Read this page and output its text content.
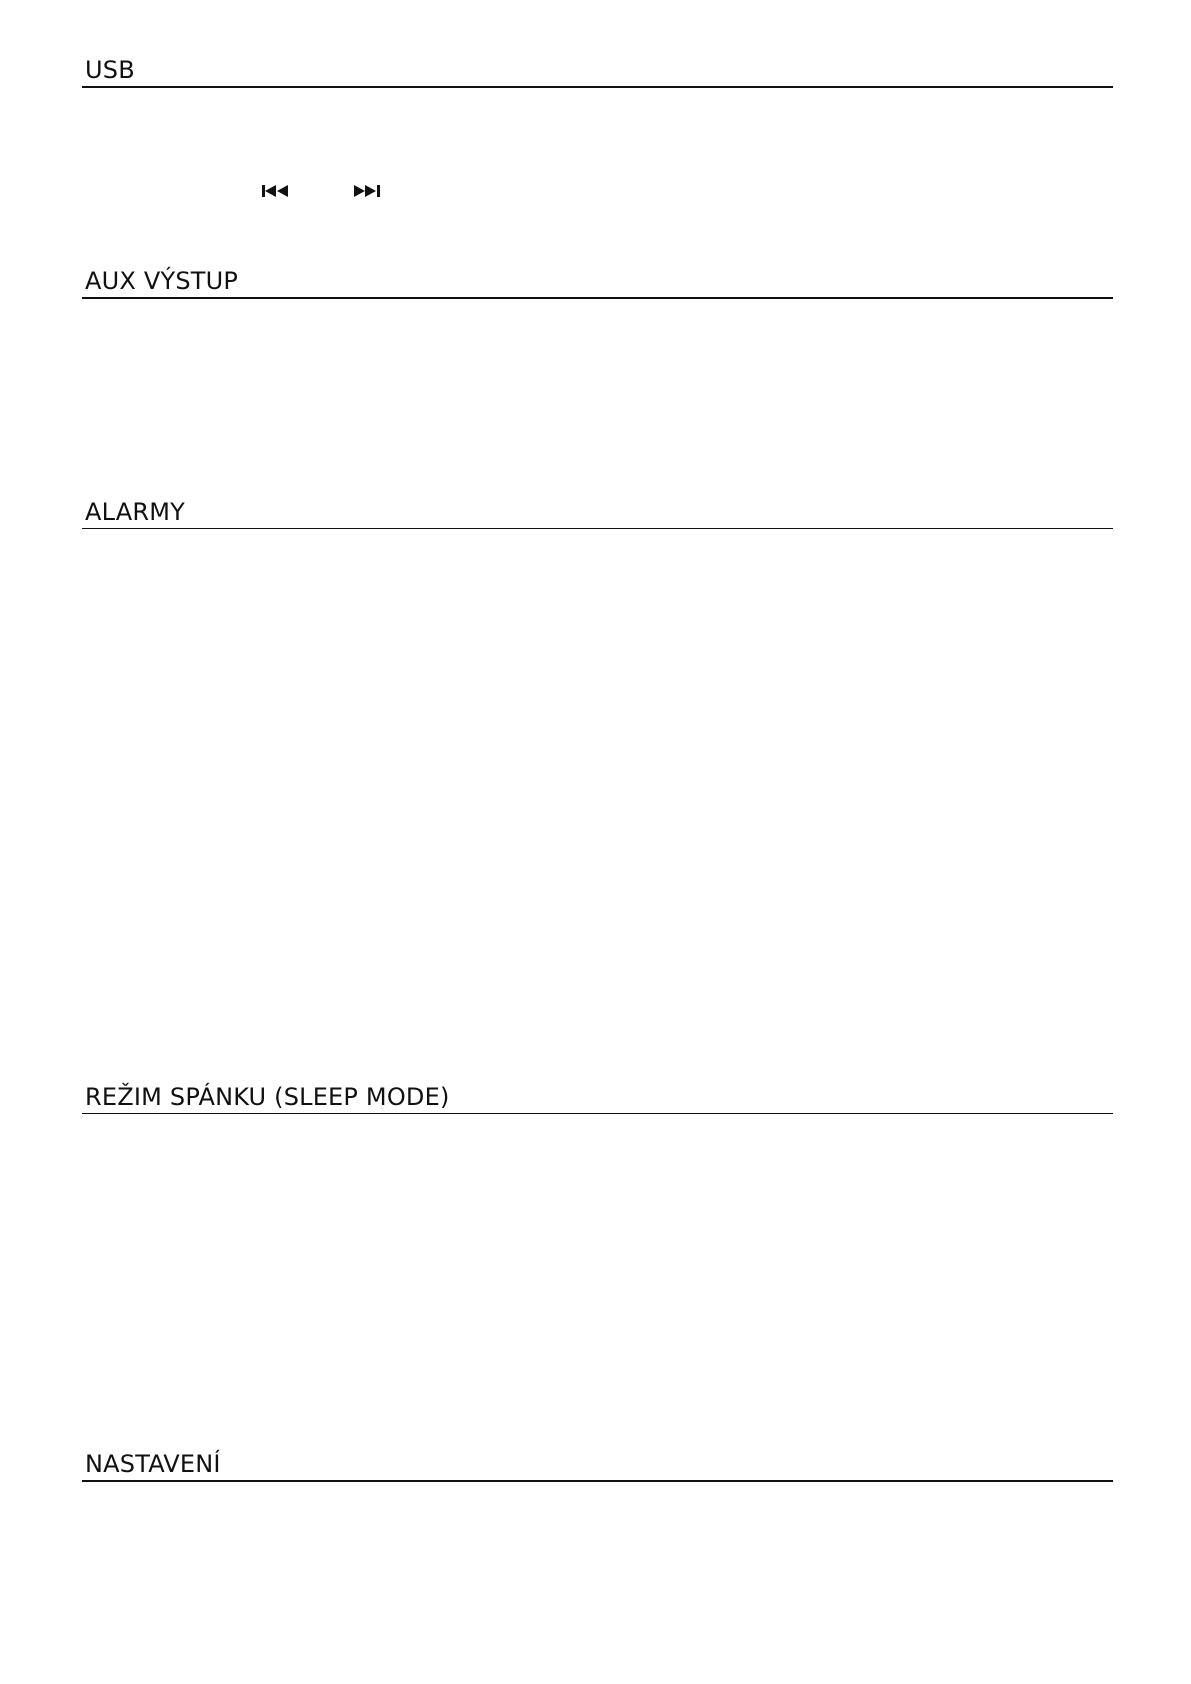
USB
AUX VÝSTUP
ALARMY
REŽIM SPÁNKU (SLEEP MODE)
NASTAVENÍ
